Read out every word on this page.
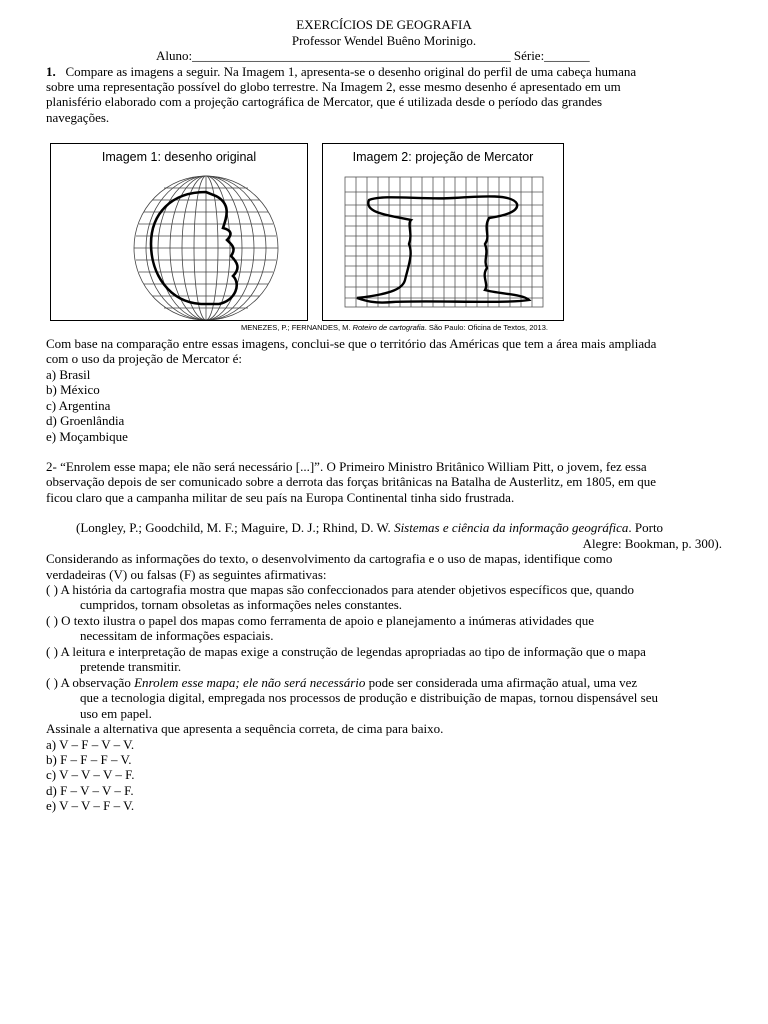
EXERCÍCIOS DE GEOGRAFIA
Professor Wendel Buêno Morinigo.
Aluno:_________________________________________________ Série:_______
1. Compare as imagens a seguir. Na Imagem 1, apresenta-se o desenho original do perfil de uma cabeça humana
sobre uma representação possível do globo terrestre. Na Imagem 2, esse mesmo desenho é apresentado em um
planisfério elaborado com a projeção cartográfica de Mercator, que é utilizada desde o período das grandes
navegações.
Imagem 1: desenho original	Imagem 2: projeção de Mercator
MENEZES, P.; FERNANDES, M. Roteiro de cartografia. São Paulo: Oficina de Textos, 2013.
Com base na comparação entre essas imagens, conclui-se que o território das Américas que tem a área mais ampliada
com o uso da projeção de Mercator é:
a) Brasil
b) México
c) Argentina
d) Groenlândia
e) Moçambique
2- “Enrolem esse mapa; ele não será necessário [...]”. O Primeiro Ministro Britânico William Pitt, o jovem, fez essa
observação depois de ser comunicado sobre a derrota das forças britânicas na Batalha de Austerlitz, em 1805, em que
ficou claro que a campanha militar de seu país na Europa Continental tinha sido frustrada.
(Longley, P.; Goodchild, M. F.; Maguire, D. J.; Rhind, D. W. Sistemas e ciência da informação geográfica. Porto
Alegre: Bookman, p. 300).
Considerando as informações do texto, o desenvolvimento da cartografia e o uso de mapas, identifique como
verdadeiras (V) ou falsas (F) as seguintes afirmativas:
( ) A história da cartografia mostra que mapas são confeccionados para atender objetivos específicos que, quando
cumpridos, tornam obsoletas as informações neles constantes.
( ) O texto ilustra o papel dos mapas como ferramenta de apoio e planejamento a inúmeras atividades que
necessitam de informações espaciais.
( ) A leitura e interpretação de mapas exige a construção de legendas apropriadas ao tipo de informação que o mapa
pretende transmitir.
( ) A observação Enrolem esse mapa; ele não será necessário pode ser considerada uma afirmação atual, uma vez
que a tecnologia digital, empregada nos processos de produção e distribuição de mapas, tornou dispensável seu
uso em papel.
Assinale a alternativa que apresenta a sequência correta, de cima para baixo.
a) V – F – V – V.
b) F – F – F – V.
c) V – V – V – F.
d) F – V – V – F.
e) V – V – F – V.
